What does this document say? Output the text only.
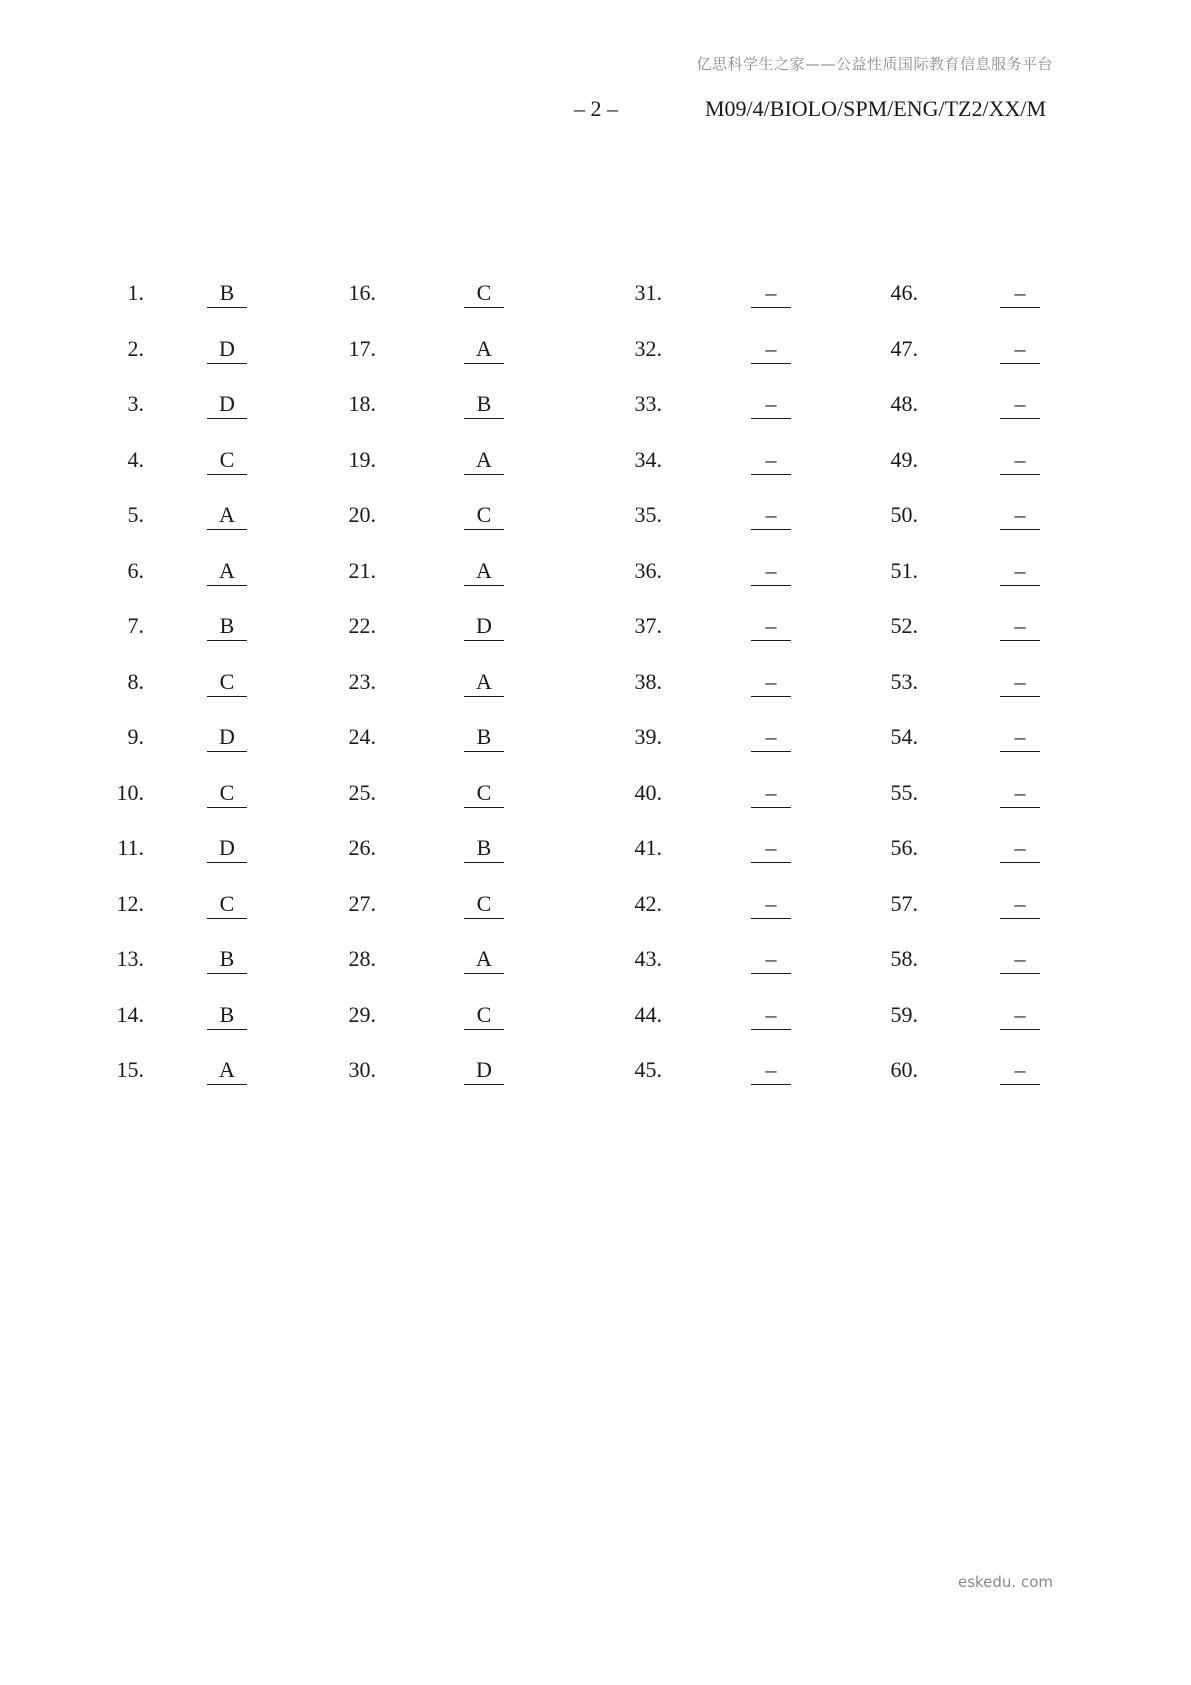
亿思科学生之家——公益性质国际教育信息服务平台
– 2 –	M09/4/BIOLO/SPM/ENG/TZ2/XX/M
1.	B	16.	C	31.	–	46.	–
2.	D	17.	A	32.	–	47.	–
3.	D	18.	B	33.	–	48.	–
4.	C	19.	A	34.	–	49.	–
5.	A	20.	C	35.	–	50.	–
6.	A	21.	A	36.	–	51.	–
7.	B	22.	D	37.	–	52.	–
8.	C	23.	A	38.	–	53.	–
9.	D	24.	B	39.	–	54.	–
10.	C	25.	C	40.	–	55.	–
11.	D	26.	B	41.	–	56.	–
12.	C	27.	C	42.	–	57.	–
13.	B	28.	A	43.	–	58.	–
14.	B	29.	C	44.	–	59.	–
15.	A	30.	D	45.	–	60.	–
eskedu. com
